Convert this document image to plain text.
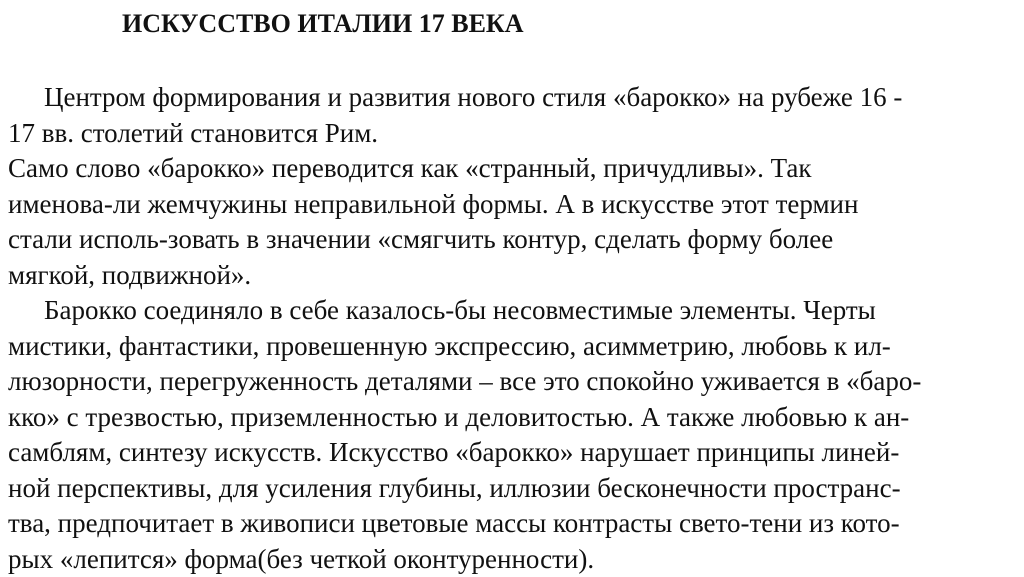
ИСКУССТВО ИТАЛИИ 17 ВЕКА
Центром формирования и развития нового стиля «барокко» на рубеже 16 -
17 вв. столетий становится Рим.
Само слово «барокко» переводится как «странный, причудливы». Так
именова-ли жемчужины неправильной формы. А в искусстве этот термин
стали исполь-зовать в значении «смягчить контур, сделать форму более
мягкой, подвижной».
Барокко соединяло в себе казалось-бы несовместимые элементы. Черты
мистики, фантастики, провешенную экспрессию, асимметрию, любовь к ил-
люзорности, перегруженность деталями – все это спокойно уживается в «баро-
кко» с трезвостью, приземленностью и деловитостью. А также любовью к ан-
самблям, синтезу искусств. Искусство «барокко» нарушает принципы линей-
ной перспективы, для усиления глубины, иллюзии бесконечности пространс-
тва, предпочитает в живописи цветовые массы контрасты свето-тени из кото-
рых «лепится» форма(без четкой оконтуренности).
